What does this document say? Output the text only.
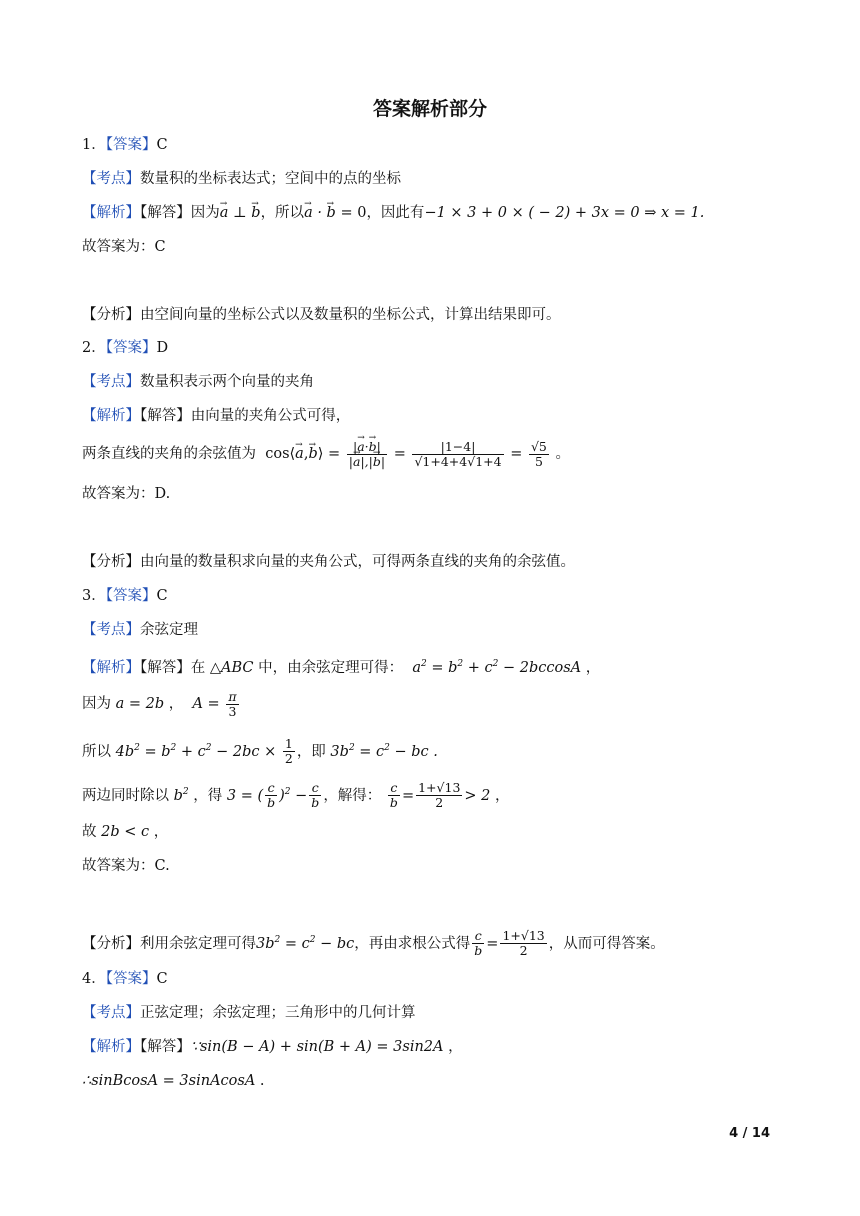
答案解析部分
1．【答案】C
【考点】数量积的坐标表达式；空间中的点的坐标
【解析】【解答】因为→ a ⊥ → b，所以→ a · → b = 0，因此有−1 × 3 + 0 × ( − 2) + 3x = 0 ⇒ x = 1.
故答案为：C
【分析】由空间向量的坐标公式以及数量积的坐标公式，计算出结果即可。
2．【答案】D
【考点】数量积表示两个向量的夹角
【解析】【解答】由向量的夹角公式可得，
两条直线的夹角的余弦值为  cos⟨→ a,→ b⟩ = $\frac{|\to a\cdot\to b|}{|\to a|,|\to b|} = \frac{|1-4|}{√1+4+4√1+4} = \frac{√5}{5}$ 。
故答案为：D.
【分析】由向量的数量积求向量的夹角公式，可得两条直线的夹角的余弦值。
3．【答案】C
【考点】余弦定理
【解析】【解答】在 △ABC 中，由余弦定理可得：  $a^2 = b^2 + c^2 - 2bccosA$ ，
因为 a = 2b ，  $A = \frac{\pi}{3}$
所以 $4b^2 = b^2 + c^2 - 2bc \times \frac{1}{2}$ ，即 $3b^2 = c^2$ − bc .
两边同时除以 $b^2$ ，得 3 = ( $\frac{c}{b} )^2 - \frac{c}{b}$ ，解得： $\frac{c}{b} = \frac{1+√13}{2} > 2$ ，
故 2b < c ，
故答案为：C.
【分析】利用余弦定理可得$3b^2 = c^2$ − bc，再由求根公式得 $\frac{c}{b} = \frac{1+√13}{2}$ ，从而可得答案。
4．【答案】C
【考点】正弦定理；余弦定理；三角形中的几何计算
【解析】【解答】∵sin(B − A) + sin(B + A) = 3sin2A ，
∴sinBcosA = 3sinAcosA .
4 / 14
